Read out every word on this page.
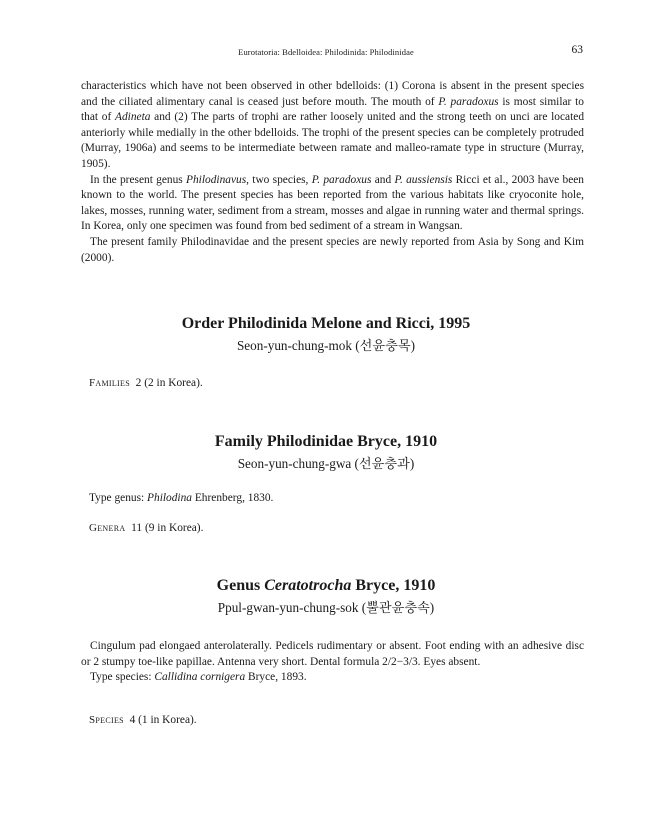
Eurotatoria: Bdelloidea: Philodinida: Philodinidae	63

characteristics which have not been observed in other bdelloids: (1) Corona is absent in the present species and the ciliated alimentary canal is ceased just before mouth. The mouth of P. paradoxus is most similar to that of Adineta and (2) The parts of trophi are rather loosely united and the strong teeth on unci are located anteriorly while medially in the other bdelloids. The trophi of the present species can be completely protruded (Murray, 1906a) and seems to be intermediate between ramate and malleo-ramate type in structure (Murray, 1905).

In the present genus Philodinavus, two species, P. paradoxus and P. aussiensis Ricci et al., 2003 have been known to the world. The present species has been reported from the various habitats like cryoconite hole, lakes, mosses, running water, sediment from a stream, mosses and algae in running water and thermal springs. In Korea, only one specimen was found from bed sediment of a stream in Wangsan.

The present family Philodinavidae and the present species are newly reported from Asia by Song and Kim (2000).

Order Philodinida Melone and Ricci, 1995
Seon-yun-chung-mok (선윤충목)
Families 2 (2 in Korea).
Family Philodinidae Bryce, 1910
Seon-yun-chung-gwa (선윤충과)
Type genus: Philodina Ehrenberg, 1830.
Genera 11 (9 in Korea).
Genus Ceratotrocha Bryce, 1910
Ppul-gwan-yun-chung-sok (뿔관윤충속)

Cingulum pad elongaed anterolaterally. Pedicels rudimentary or absent. Foot ending with an adhesive disc or 2 stumpy toe-like papillae. Antenna very short. Dental formula 2/2−3/3. Eyes absent.

Type species: Callidina cornigera Bryce, 1893.

Species 4 (1 in Korea).
